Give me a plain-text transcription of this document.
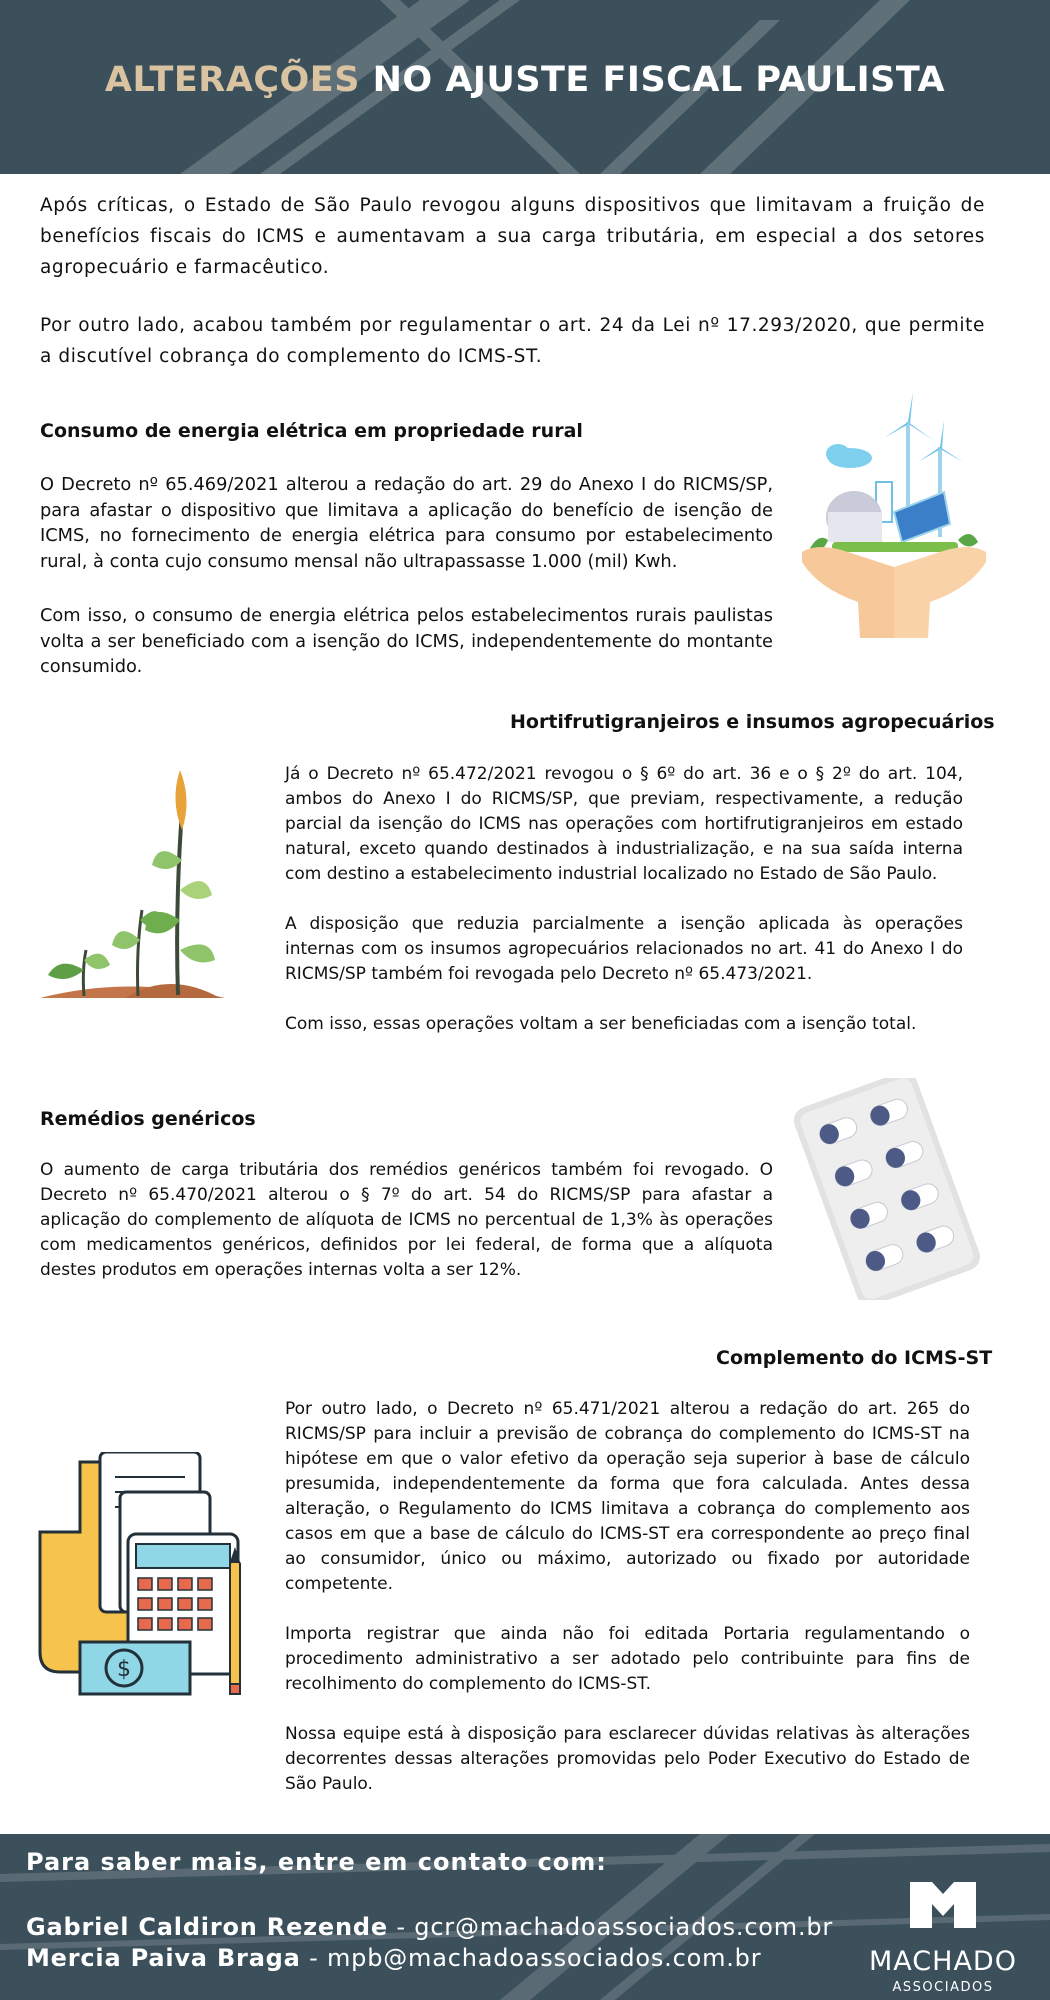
ALTERAÇÕES NO AJUSTE FISCAL PAULISTA

Após críticas, o Estado de São Paulo revogou alguns dispositivos que limitavam a fruição de benefícios fiscais do ICMS e aumentavam a sua carga tributária, em especial a dos setores agropecuário e farmacêutico.

Por outro lado, acabou também por regulamentar o art. 24 da Lei nº 17.293/2020, que permite a discutível cobrança do complemento do ICMS-ST.

Consumo de energia elétrica em propriedade rural

O Decreto nº 65.469/2021 alterou a redação do art. 29 do Anexo I do RICMS/SP, para afastar o dispositivo que limitava a aplicação do benefício de isenção de ICMS, no fornecimento de energia elétrica para consumo por estabelecimento rural, à conta cujo consumo mensal não ultrapassasse 1.000 (mil) Kwh.

Com isso, o consumo de energia elétrica pelos estabelecimentos rurais paulistas volta a ser beneficiado com a isenção do ICMS, independentemente do montante consumido.

Hortifrutigranjeiros e insumos agropecuários

Já o Decreto nº 65.472/2021 revogou o § 6º do art. 36 e o § 2º do art. 104, ambos do Anexo I do RICMS/SP, que previam, respectivamente, a redução parcial da isenção do ICMS nas operações com hortifrutigranjeiros em estado natural, exceto quando destinados à industrialização, e na sua saída interna com destino a estabelecimento industrial localizado no Estado de São Paulo.

A disposição que reduzia parcialmente a isenção aplicada às operações internas com os insumos agropecuários relacionados no art. 41 do Anexo I do RICMS/SP também foi revogada pelo Decreto nº 65.473/2021.

Com isso, essas operações voltam a ser beneficiadas com a isenção total.

Remédios genéricos

O aumento de carga tributária dos remédios genéricos também foi revogado. O Decreto nº 65.470/2021 alterou o § 7º do art. 54 do RICMS/SP para afastar a aplicação do complemento de alíquota de ICMS no percentual de 1,3% às operações com medicamentos genéricos, definidos por lei federal, de forma que a alíquota destes produtos em operações internas volta a ser 12%.

Complemento do ICMS-ST

Por outro lado, o Decreto nº 65.471/2021 alterou a redação do art. 265 do RICMS/SP para incluir a previsão de cobrança do complemento do ICMS-ST na hipótese em que o valor efetivo da operação seja superior à base de cálculo presumida, independentemente da forma que fora calculada. Antes dessa alteração, o Regulamento do ICMS limitava a cobrança do complemento aos casos em que a base de cálculo do ICMS-ST era correspondente ao preço final ao consumidor, único ou máximo, autorizado ou fixado por autoridade competente.

Importa registrar que ainda não foi editada Portaria regulamentando o procedimento administrativo a ser adotado pelo contribuinte para fins de recolhimento do complemento do ICMS-ST.

Nossa equipe está à disposição para esclarecer dúvidas relativas às alterações decorrentes dessas alterações promovidas pelo Poder Executivo do Estado de São Paulo.

$

Para saber mais, entre em contato com:

Gabriel Caldiron Rezende - gcr@machadoassociados.com.br

Mercia Paiva Braga - mpb@machadoassociados.com.br	MACHADO
ASSOCIADOS
